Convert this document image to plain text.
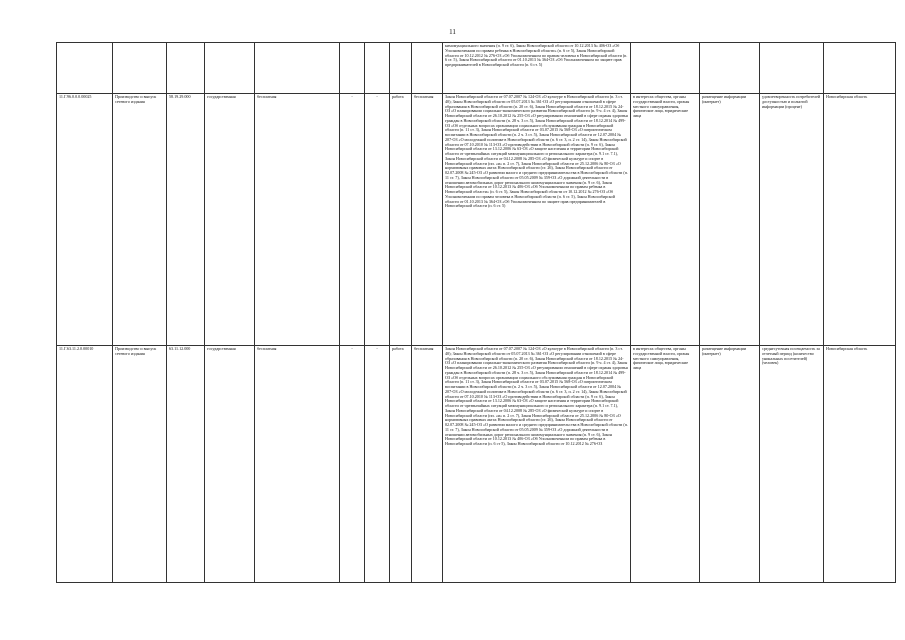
11
									кимомунциального значения (п. 9 ст. 6), Закон Новосибирской области от 10.12.2013 № 406-ОЗ «Об Уполномоченном по правам ребенка в Новосибирской области» (п. 6 ст 5), Закон Новосибирской области от 10.12.2012 № 276-ОЗ «Об Уполномоченном по правам человека в Новосибирской области (п. 6 ст. 5), Закон Новосибирской области от 01.10.2013 № 364-ОЗ «Об Уполномоченном по защите прав предпринимателей в Новосибирской области (п. 6 ст. 5)				
11.Г.96.0.0.0.00025	Производство и выпуск сетевого издания	58.19.29.000	государственная	бесплатная	-	-	работа	бесплатная	Закон Новосибирской области от 07.07.2007 № 124-ОЗ «О культуре в Новосибирской области (п. 3 ст. 40); Закон Новосибирской области от 05.07.2013 № 361-ОЗ «О регулировании отношений в сфере образования в Новосибирской области (п. 20 ст. 6), Закон Новосибирской области от 18.12.2015 № 24-ОЗ «О планировании социально-экономического развития Новосибирской области (п. 9 ч. 4 ст. 4), Закон Новосибирской области от 26.10.2012 № 255-ОЗ «О регулировании отношений в сфере охраны здоровья граждан в Новосибирской области (п. 28 ч. 3 ст. 5), Закон Новосибирской области от 18.12.2014 № 499-ОЗ «Об отдельных вопросах организации социального обслуживания граждан в Новосибирской области (п. 11 ст. 3), Закон Новосибирской области от 03.07.2015 № 568-ОЗ «О патриотическом воспитании в Новосибирской области (п. 2 ч. 3 ст. 5), Закон Новосибирской области от 12.07.2004 № 207-ОЗ «О молодежной политике в Новосибирской области (п. 6 ст. 3, п. 2 ст. 14), Закон Новосибирской области от 07.10.2010 № 113-ОЗ «О противодействии в Новосибирской области (п. 9 ст. 6), Закон Новосибирской области от 13.12.2006 № 63-ОЗ «О защите населения и территории Новосибирской области от чрезвычайных ситуаций межмуниципального и регионального характера (п. 9.1 ст. 7.1), Закон Новосибирской области от 04.12.2008 № 285-ОЗ «О физической культуре и спорте в Новосибирской области (пп. «и» п. 2 ст. 7), Закон Новосибирской области от 25.12.2006 № 80-ОЗ «О нормативных правовых актах Новосибирской области (ст. 26), Закон Новосибирской области от 02.07.2008 № 245-ОЗ «О развитии малого и среднего предпринимательства в Новосибирской области (п. 11 ст. 7), Закон Новосибирской области от 05.05.2009 № 359-ОЗ «О дорожной деятельности в отношении автомобильных дорог регионального кимомунциального значения (п. 9 ст. 6), Закон Новосибирской области от 10.12.2013 № 406-ОЗ «Об Уполномоченном по правам ребенка в Новосибирской области» (п. 6 ст. 5), Закон Новосибирской области от 10.12.2012 № 276-ОЗ «Об Уполномоченном по правам человека в Новосибирской области (п. 6 ст. 5), Закон Новосибирской области от 01.10.2013 № 364-ОЗ «Об Уполномоченном по защите прав предпринимателей в Новосибирской области (п. 6 ст. 5)	в интересах общества, органы государственной власти, органы местного самоуправления, физические лица, юридические лица	размещение информации (интернет)	удовлетворенность потребителей доступностью и полнотой информации (процент)	Новосибирская область
11.Г.63.11.2.0.00010	Производство и выпуск сетевого издания	63.11.12.000	государственная	бесплатная	-	-	работа	бесплатная	Закон Новосибирской области от 07.07.2007 № 124-ОЗ «О культуре в Новосибирской области (п. 3 ст. 40); Закон Новосибирской области от 05.07.2013 № 361-ОЗ «О регулировании отношений в сфере образования в Новосибирской области (п. 20 ст. 6), Закон Новосибирской области от 18.12.2015 № 24-ОЗ «О планировании социально-экономического развития Новосибирской области (п. 9 ч. 4 ст. 4), Закон Новосибирской области от 26.10.2012 № 255-ОЗ «О регулировании отношений в сфере охраны здоровья граждан в Новосибирской области (п. 28 ч. 3 ст. 5), Закон Новосибирской области от 18.12.2014 № 499-ОЗ «Об отдельных вопросах организации социального обслуживания граждан в Новосибирской области (п. 11 ст. 3), Закон Новосибирской области от 03.07.2015 № 568-ОЗ «О патриотическом воспитании в Новосибирской области (п. 2 ч. 3 ст. 5), Закон Новосибирской области от 12.07.2004 № 207-ОЗ «О молодежной политике в Новосибирской области (п. 6 ст. 3, п. 2 ст. 14), Закон Новосибирской области от 07.10.2010 № 113-ОЗ «О противодействии в Новосибирской области (п. 9 ст. 6), Закон Новосибирской области от 13.12.2006 № 63-ОЗ «О защите населения и территории Новосибирской области от чрезвычайных ситуаций межмуниципального и регионального характера (п. 9.1 ст. 7.1), Закон Новосибирской области от 04.12.2008 № 285-ОЗ «О физической культуре и спорте в Новосибирской области (пп. «и» п. 2 ст. 7), Закон Новосибирской области от 25.12.2006 № 80-ОЗ «О нормативных правовых актах Новосибирской области (ст. 26), Закон Новосибирской области от 02.07.2008 № 245-ОЗ «О развитии малого и среднего предпринимательства в Новосибирской области (п. 11 ст. 7), Закон Новосибирской области от 05.05.2009 № 359-ОЗ «О дорожной деятельности в отношении автомобильных дорог регионального кимомунциального значения (п. 9 ст. 6), Закон Новосибирской области от 10.12.2013 № 406-ОЗ «Об Уполномоченном по правам ребенка в Новосибирской области (п. 6 ст 5), Закон Новосибирской области от 10.12.2012 № 276-ОЗ	в интересах общества, органы государственной власти, органы местного самоуправления, физические лица, юридические лица	размещение информации (интернет)	среднесуточная посещаемость за отчетный период (количество уникальных посетителей) (человек)	Новосибирская область
